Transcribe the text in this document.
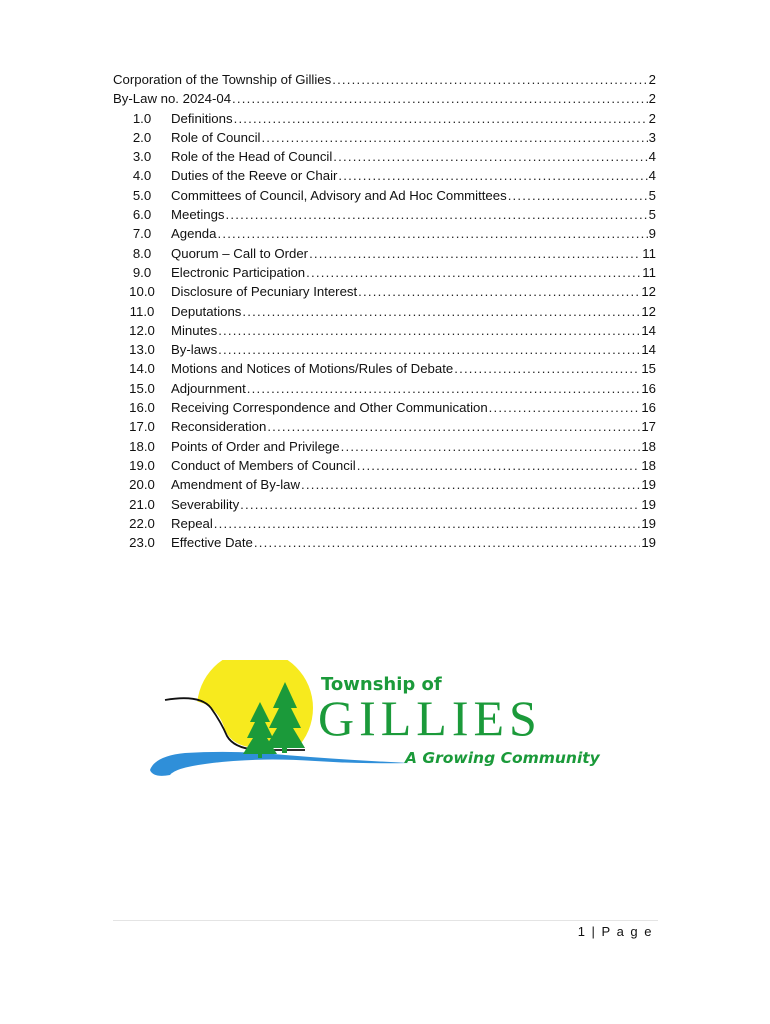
Corporation of the Township of Gillies .....	2
By-Law no. 2024-04 .....	2
1.0	Definitions .....	2
2.0	Role of Council .....	3
3.0	Role of the Head of Council .....	4
4.0	Duties of the Reeve or Chair .....	4
5.0	Committees of Council, Advisory and Ad Hoc Committees .....	5
6.0	Meetings .....	5
7.0	Agenda .....	9
8.0	Quorum – Call to Order .....	11
9.0	Electronic Participation .....	11
10.0	Disclosure of Pecuniary Interest .....	12
11.0	Deputations .....	12
12.0	Minutes .....	14
13.0	By-laws .....	14
14.0	Motions and Notices of Motions/Rules of Debate .....	15
15.0	Adjournment .....	16
16.0	Receiving Correspondence and Other Communication .....	16
17.0	Reconsideration .....	17
18.0	Points of Order and Privilege .....	18
19.0	Conduct of Members of Council .....	18
20.0	Amendment of By-law .....	19
21.0	Severability .....	19
22.0	Repeal .....	19
23.0	Effective Date .....	19
Township of
GILLIES
A Growing Community
1 | P a g e
